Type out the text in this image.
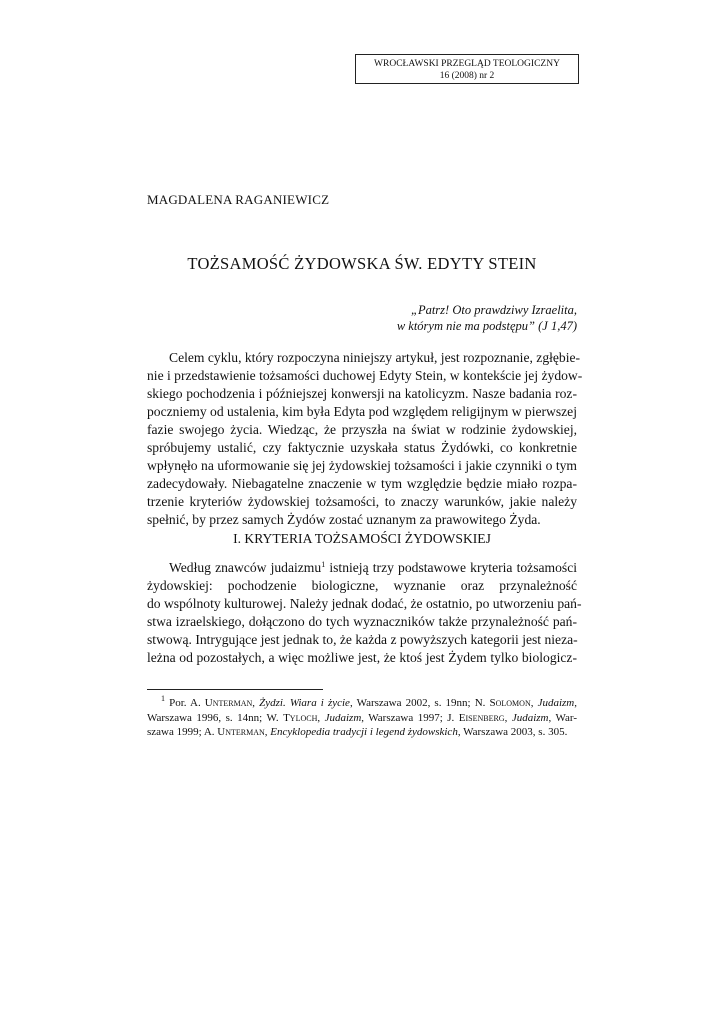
WROCŁAWSKI PRZEGLĄD TEOLOGICZNY
16 (2008) nr 2
MAGDALENA RAGANIEWICZ
TOŻSAMOŚĆ ŻYDOWSKA ŚW. EDYTY STEIN
„Patrz! Oto prawdziwy Izraelita,
w którym nie ma podstępu” (J 1,47)
Celem cyklu, który rozpoczyna niniejszy artykuł, jest rozpoznanie, zgłębie-
nie i przedstawienie tożsamości duchowej Edyty Stein, w kontekście jej żydow-
skiego pochodzenia i późniejszej konwersji na katolicyzm. Nasze badania roz-
poczniemy od ustalenia, kim była Edyta pod względem religijnym w pierwszej
fazie swojego życia. Wiedząc, że przyszła na świat w rodzinie żydowskiej,
spróbujemy ustalić, czy faktycznie uzyskała status Żydówki, co konkretnie
wpłynęło na uformowanie się jej żydowskiej tożsamości i jakie czynniki o tym
zadecydowały. Niebagatelne znaczenie w tym względzie będzie miało rozpa-
trzenie kryteriów żydowskiej tożsamości, to znaczy warunków, jakie należy
spełnić, by przez samych Żydów zostać uznanym za prawowitego Żyda.
I. KRYTERIA TOŻSAMOŚCI ŻYDOWSKIEJ
Według znawców judaizmu$^1$ istnieją trzy podstawowe kryteria tożsamości
żydowskiej: pochodzenie biologiczne, wyznanie oraz przynależność
do wspólnoty kulturowej. Należy jednak dodać, że ostatnio, po utworzeniu pań-
stwa izraelskiego, dołączono do tych wyznaczników także przynależność pań-
stwową. Intrygujące jest jednak to, że każda z powyższych kategorii jest nieza-
leżna od pozostałych, a więc możliwe jest, że ktoś jest Żydem tylko biologicz-
$^1$ Por. A. Unterman, Żydzi. Wiara i życie, Warszawa 2002, s. 19nn; N. Solomon, Judaizm,
Warszawa 1996, s. 14nn; W. Tyloch, Judaizm, Warszawa 1997; J. Eisenberg, Judaizm, War-
szawa 1999; A. Unterman, Encyklopedia tradycji i legend żydowskich, Warszawa 2003, s. 305.
